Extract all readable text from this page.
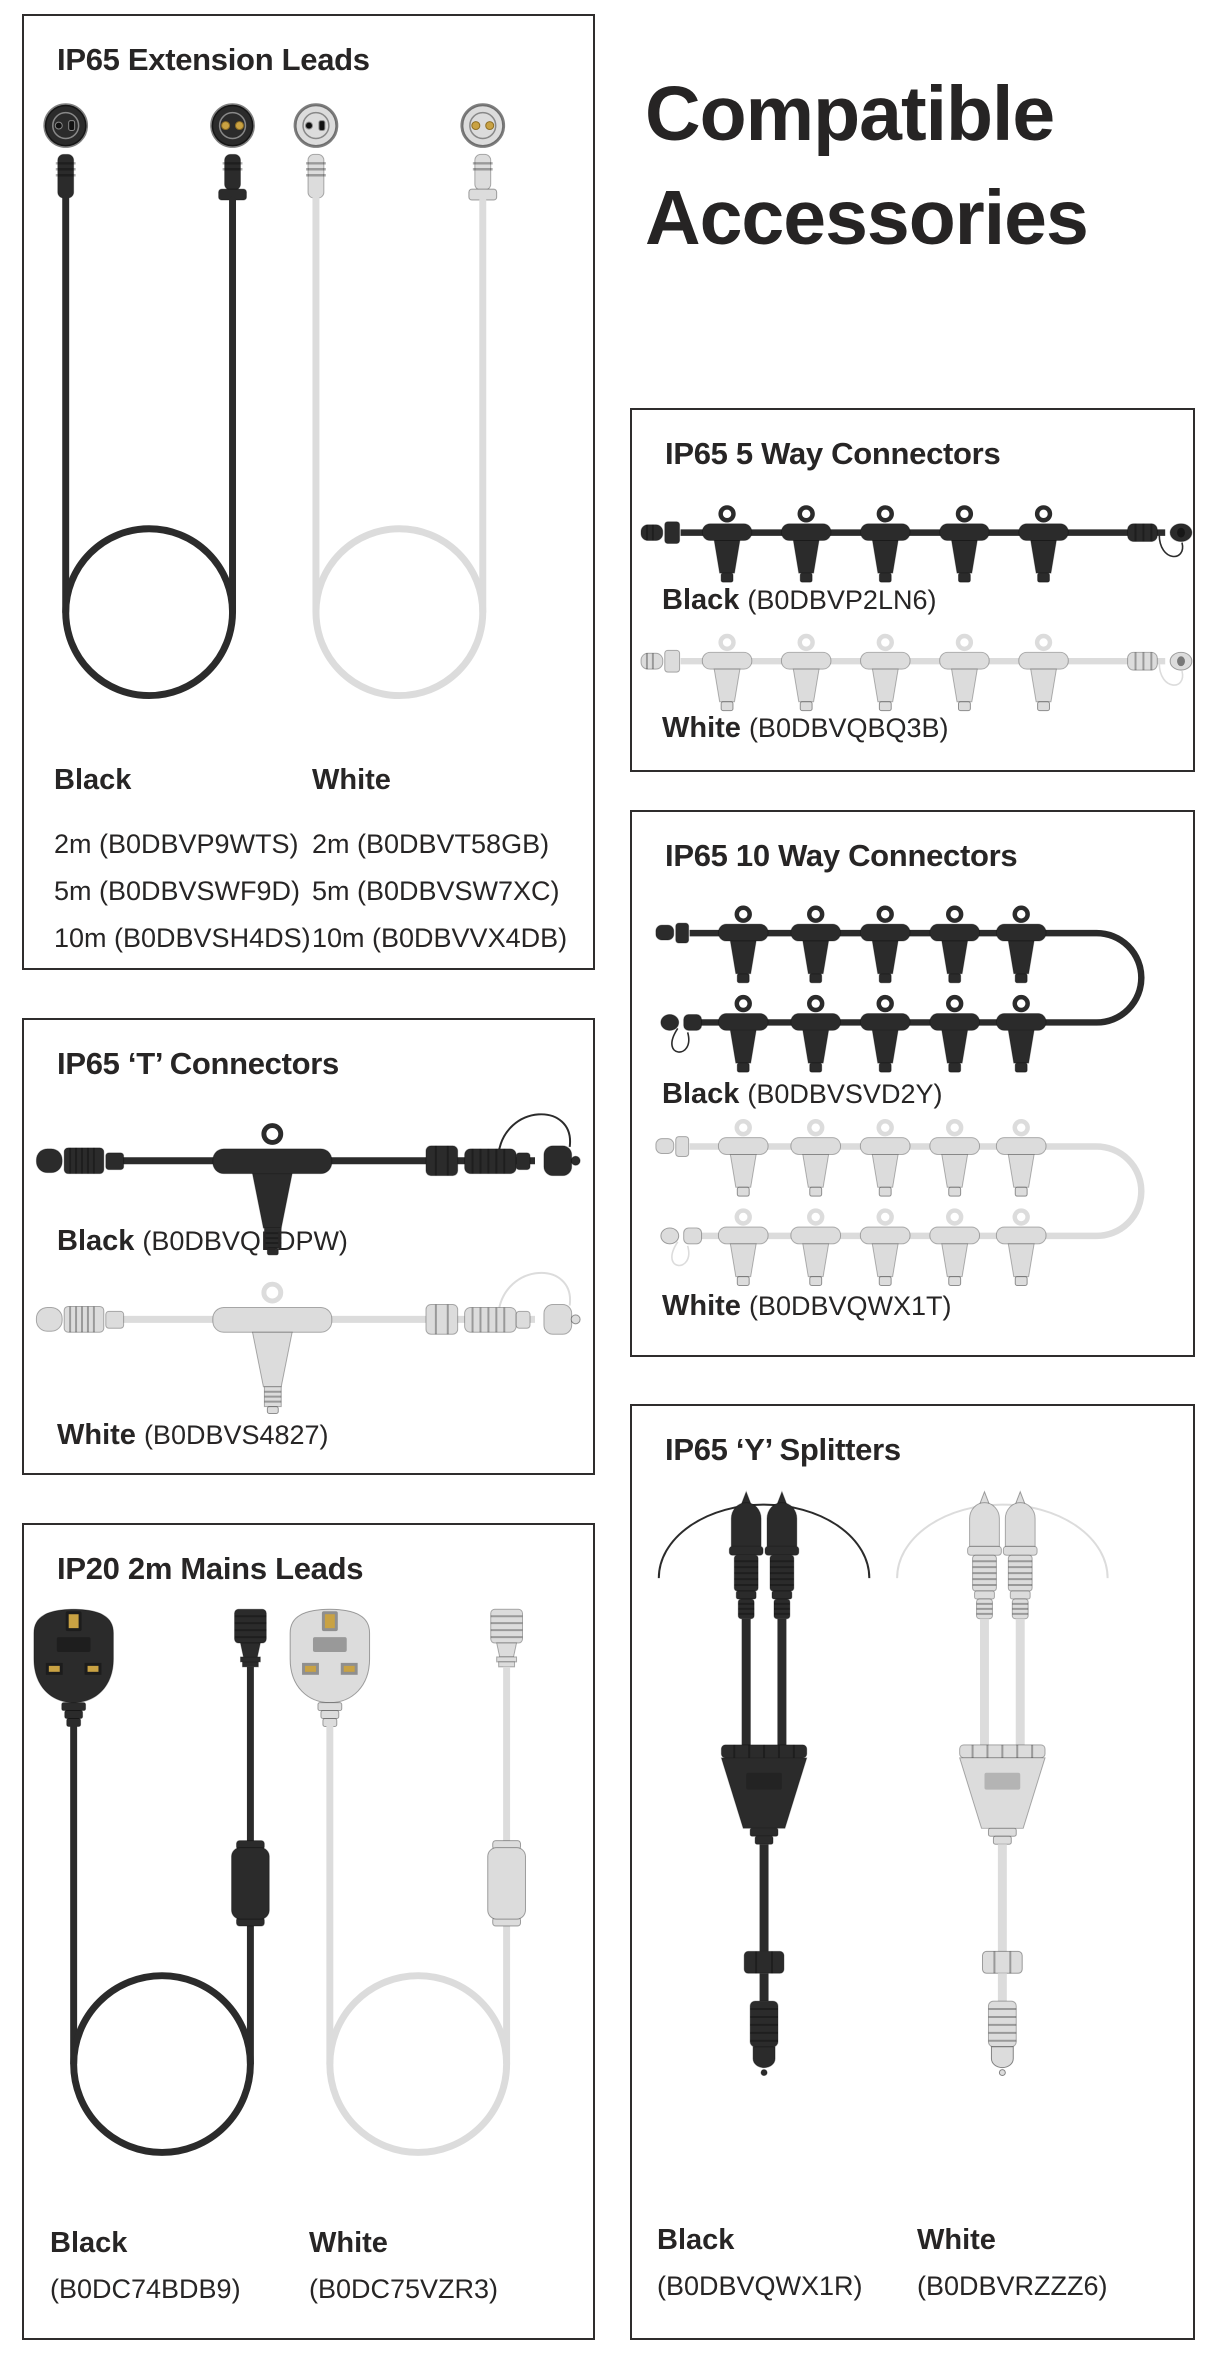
Compatible
Accessories
IP65 Extension Leads

Black

2m (B0DBVP9WTS)
5m (B0DBVSWF9D)
10m (B0DBVSH4DS)

White

2m (B0DBVT58GB)
5m (B0DBVSW7XC)
10m (B0DBVVX4DB)
IP65 ‘T’ Connectors
Black (B0DBVQLDPW)
White (B0DBVS4827)
IP20 2m Mains Leads

Black

(B0DC74BDB9)

White

(B0DC75VZR3)
IP65 5 Way Connectors
Black (B0DBVP2LN6)
White (B0DBVQBQ3B)
IP65 10 Way Connectors
Black (B0DBVSVD2Y)
White (B0DBVQWX1T)
IP65 ‘Y’ Splitters

Black

(B0DBVQWX1R)

White

(B0DBVRZZZ6)
